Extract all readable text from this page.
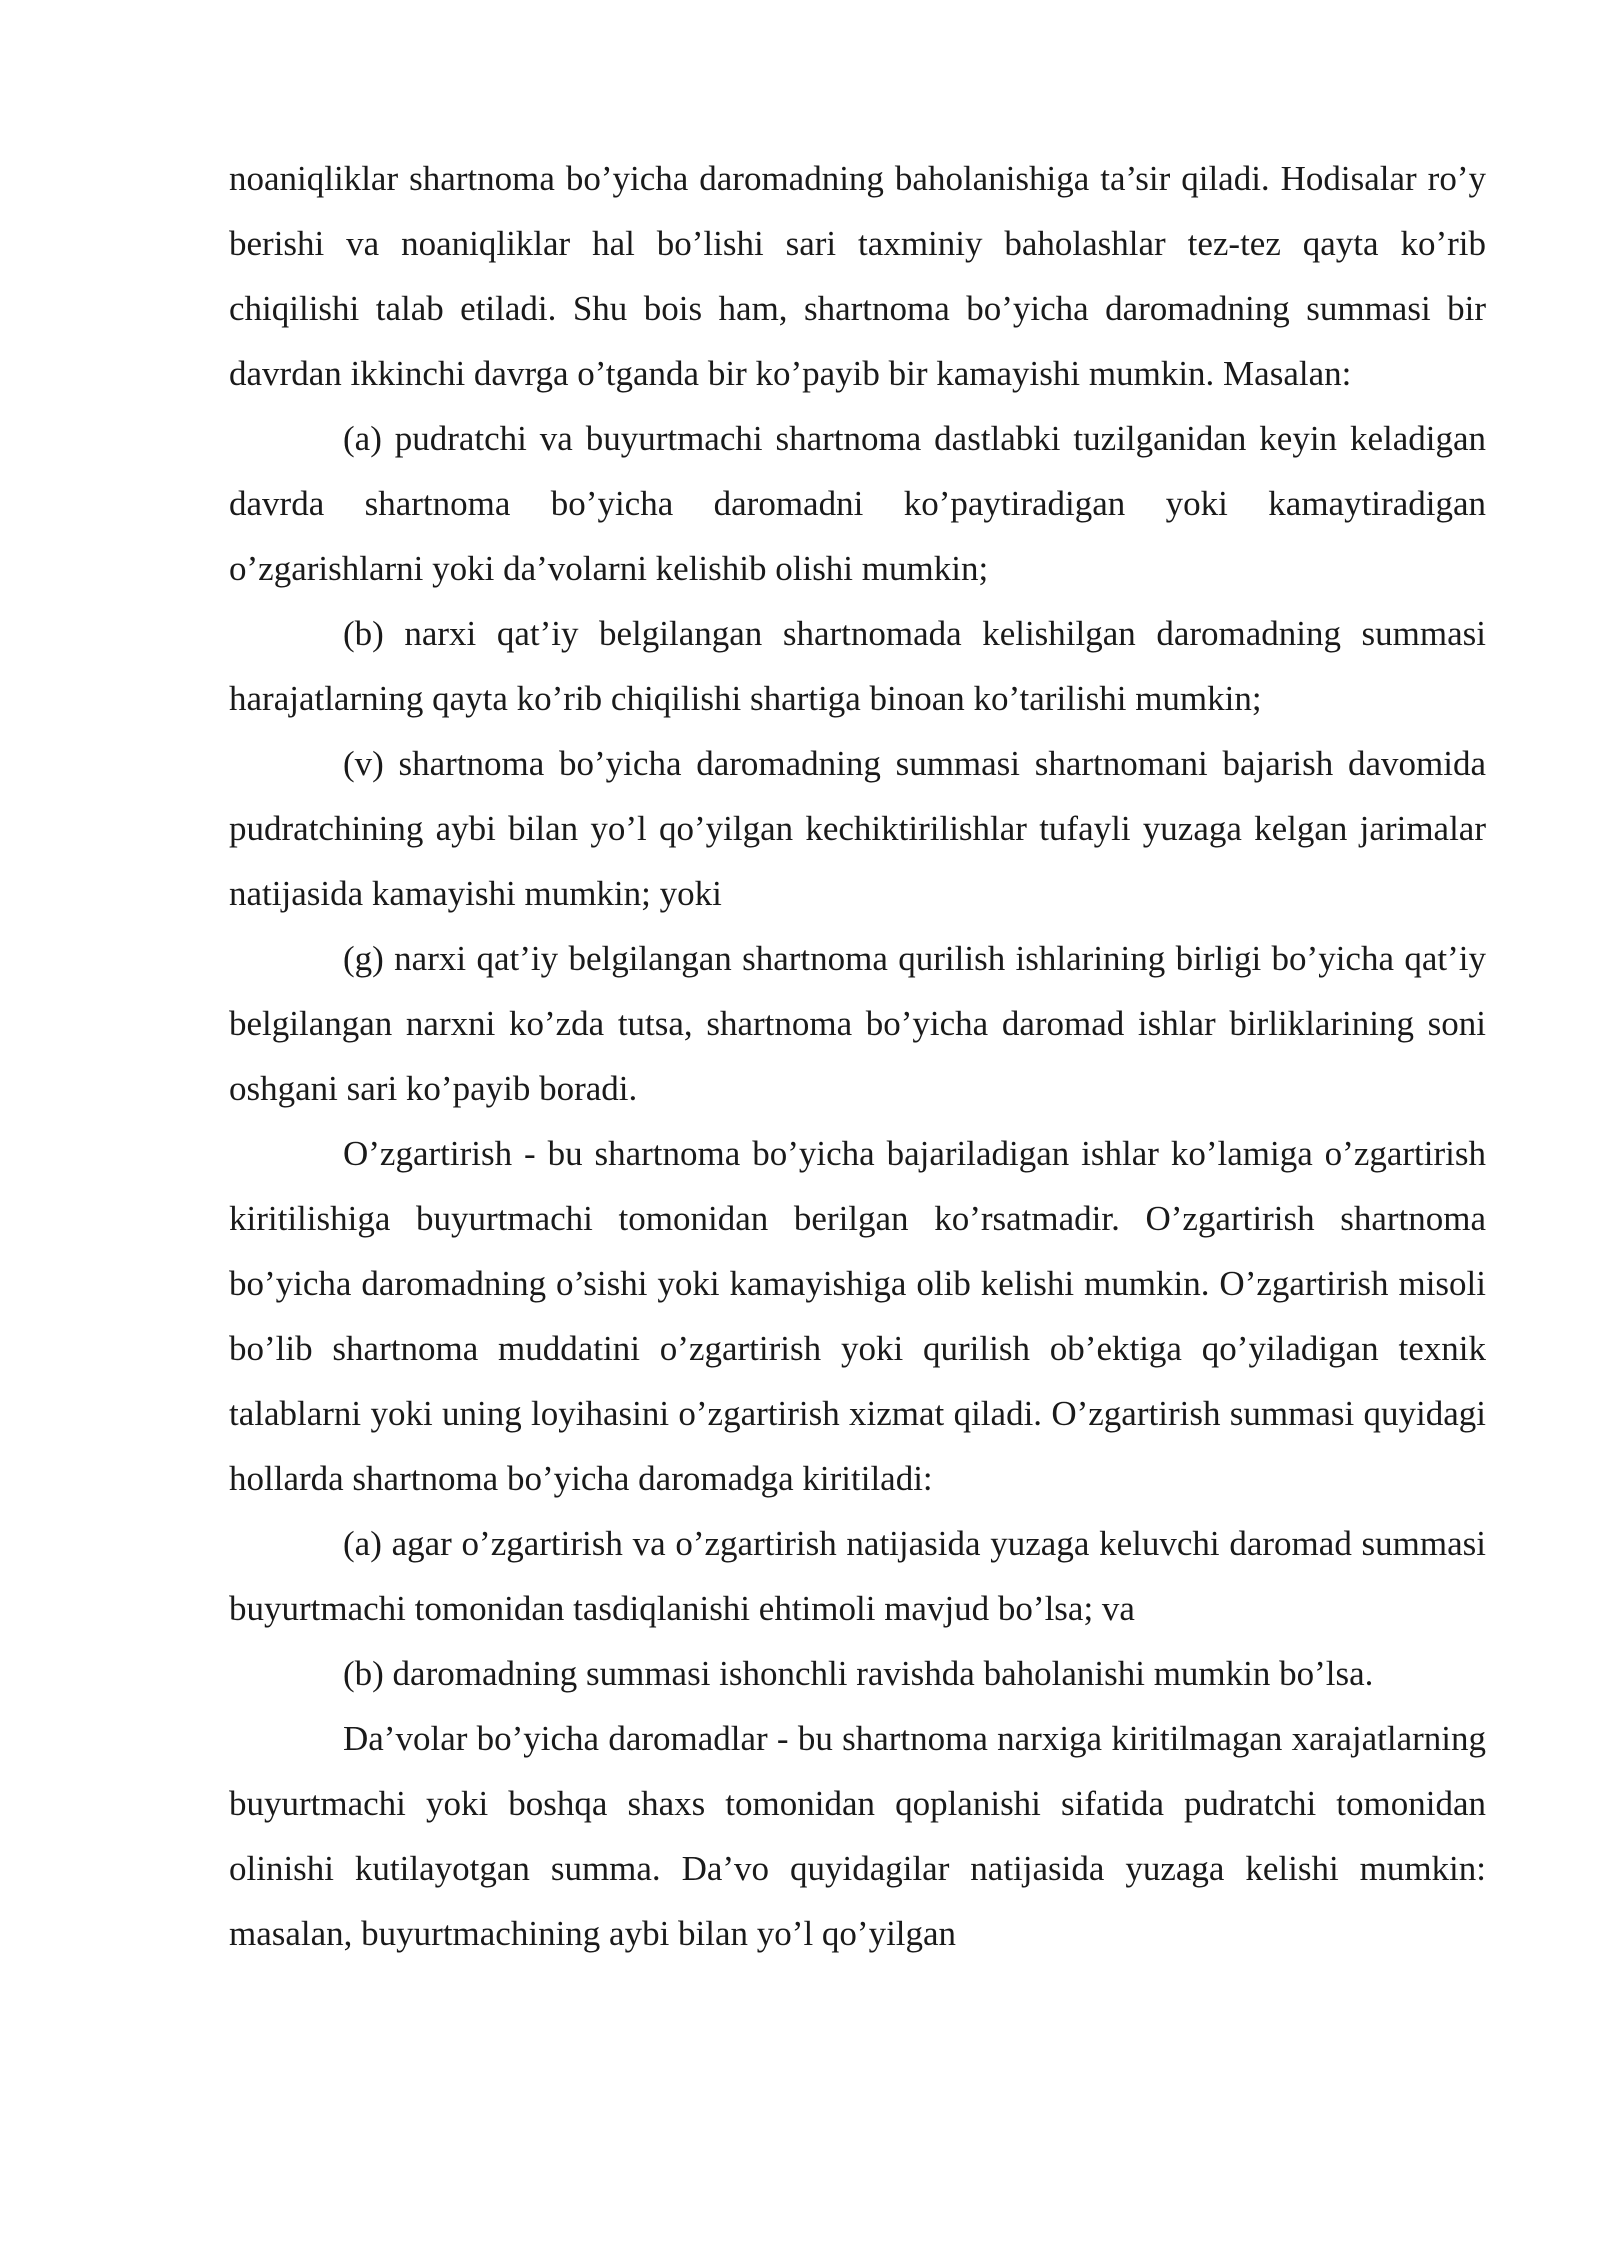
noaniqliklar shartnoma bo’yicha daromadning baholanishiga ta’sir qiladi. Hodisalar ro’y berishi va noaniqliklar hal bo’lishi sari taxminiy baholashlar tez-tez qayta ko’rib chiqilishi talab etiladi. Shu bois ham, shartnoma bo’yicha daromadning summasi bir davrdan ikkinchi davrga o’tganda bir ko’payib bir kamayishi mumkin. Masalan:

(a) pudratchi va buyurtmachi shartnoma dastlabki tuzilganidan keyin keladigan davrda shartnoma bo’yicha daromadni ko’paytiradigan yoki kamaytiradigan o’zgarishlarni yoki da’volarni kelishib olishi mumkin;

(b) narxi qat’iy belgilangan shartnomada kelishilgan daromadning summasi harajatlarning qayta ko’rib chiqilishi shartiga binoan ko’tarilishi mumkin;

(v) shartnoma bo’yicha daromadning summasi shartnomani bajarish davomida pudratchining aybi bilan yo’l qo’yilgan kechiktirilishlar tufayli yuzaga kelgan jarimalar natijasida kamayishi mumkin; yoki

(g) narxi qat’iy belgilangan shartnoma qurilish ishlarining birligi bo’yicha qat’iy belgilangan narxni ko’zda tutsa, shartnoma bo’yicha daromad ishlar birliklarining soni oshgani sari ko’payib boradi.

O’zgartirish - bu shartnoma bo’yicha bajariladigan ishlar ko’lamiga o’zgartirish kiritilishiga buyurtmachi tomonidan berilgan ko’rsatmadir. O’zgartirish shartnoma bo’yicha daromadning o’sishi yoki kamayishiga olib kelishi mumkin. O’zgartirish misoli bo’lib shartnoma muddatini o’zgartirish yoki qurilish ob’ektiga qo’yiladigan texnik talablarni yoki uning loyihasini o’zgartirish xizmat qiladi. O’zgartirish summasi quyidagi hollarda shartnoma bo’yicha daromadga kiritiladi:

(a) agar o’zgartirish va o’zgartirish natijasida yuzaga keluvchi daromad summasi buyurtmachi tomonidan tasdiqlanishi ehtimoli mavjud bo’lsa; va

(b) daromadning summasi ishonchli ravishda baholanishi mumkin bo’lsa.

Da’volar bo’yicha daromadlar - bu shartnoma narxiga kiritilmagan xarajatlarning buyurtmachi yoki boshqa shaxs tomonidan qoplanishi sifatida pudratchi tomonidan olinishi kutilayotgan summa. Da’vo quyidagilar natijasida yuzaga kelishi mumkin: masalan, buyurtmachining aybi bilan yo’l qo’yilgan
